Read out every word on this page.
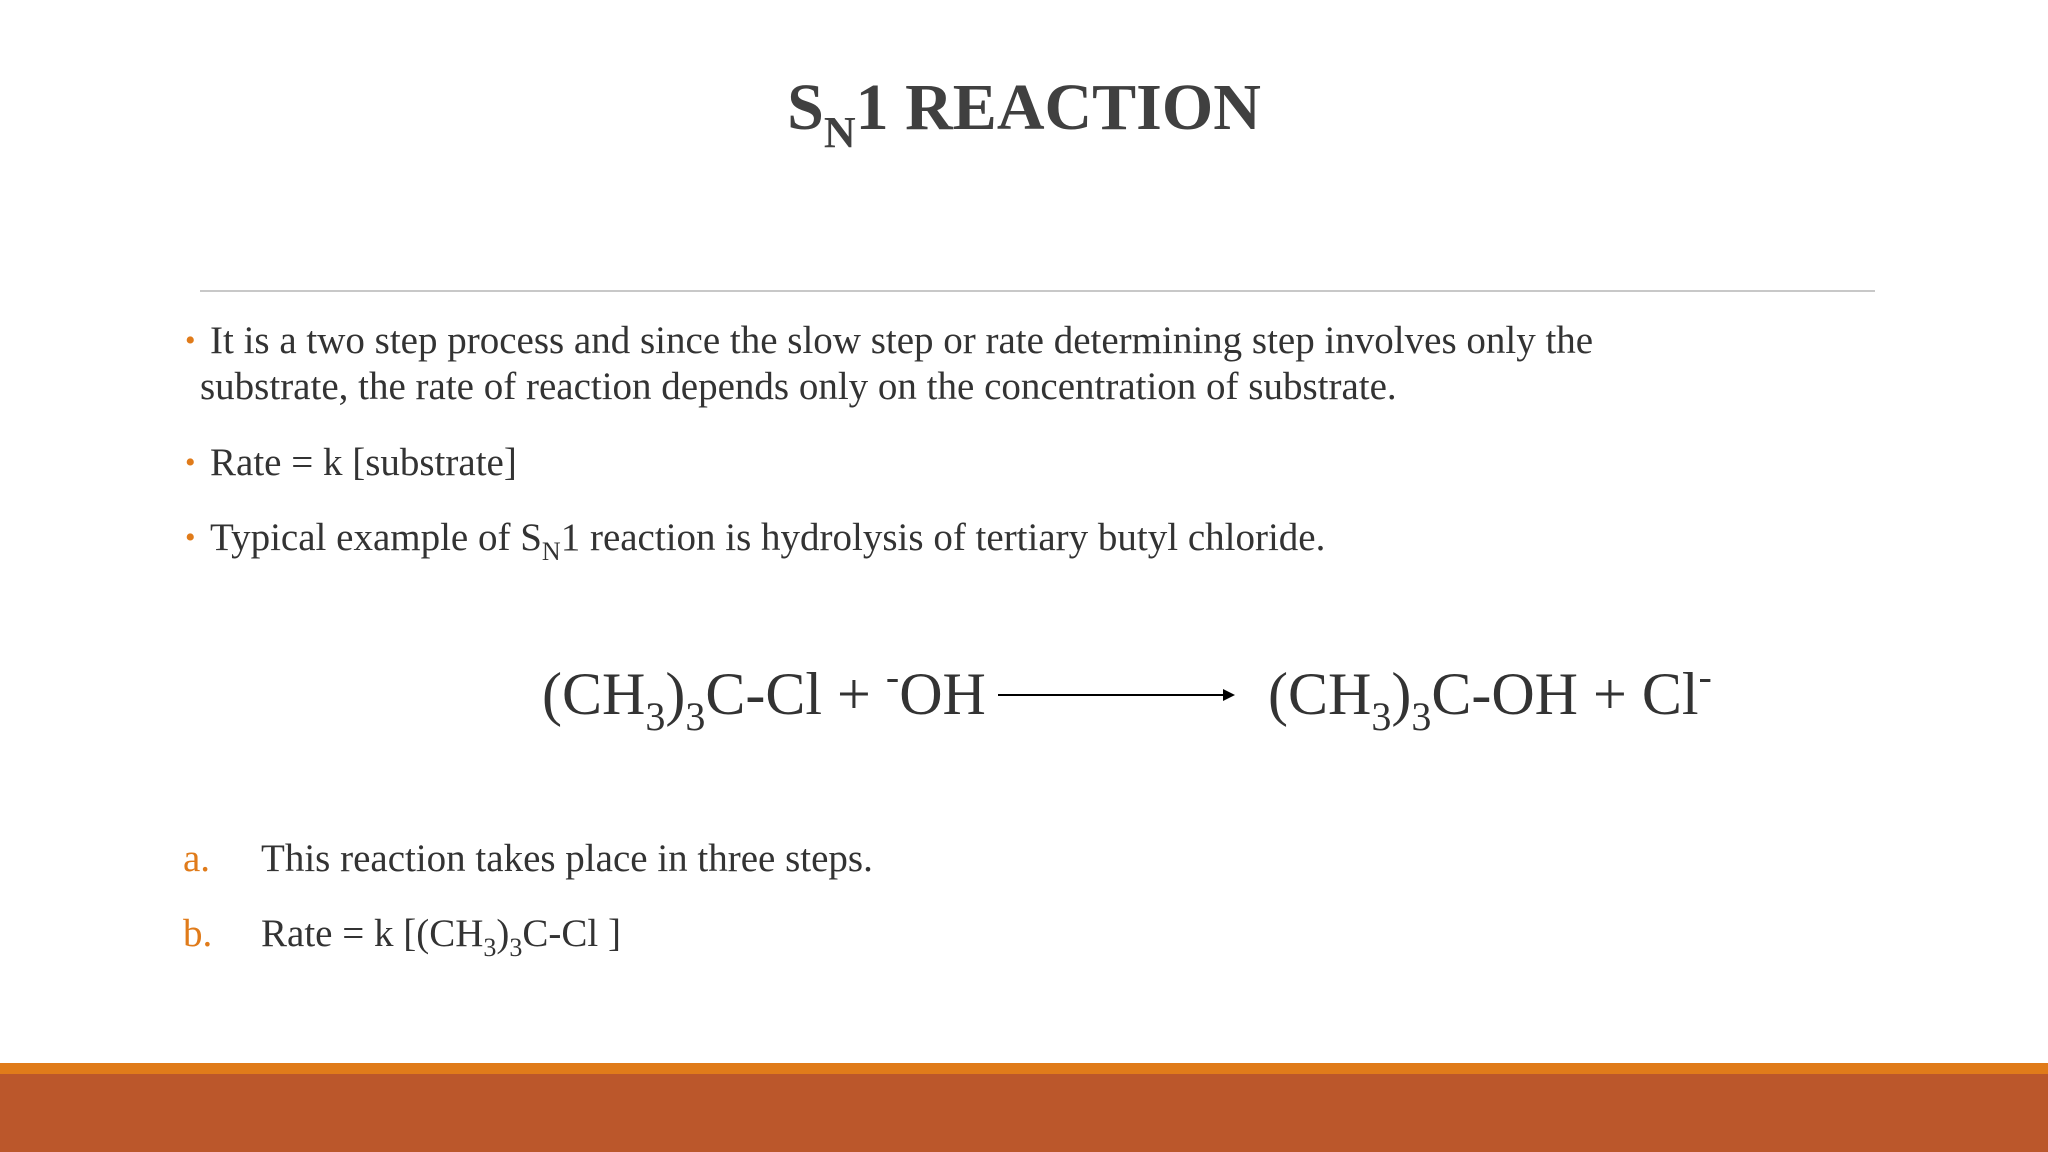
$S_N1$ REACTION
• It is a two step process and since the slow step or rate determining step involves only the
substrate, the rate of reaction depends only on the concentration of substrate.
• Rate = k [substrate]
• Typical example of $S_N1$ reaction is hydrolysis of tertiary butyl chloride.
$(CH_3)_3C-Cl + ^-OH$	$(CH_3)_3C-OH + Cl^-$
a. This reaction takes place in three steps.
b. Rate = k [$(CH_3)_3C-Cl$ ]
